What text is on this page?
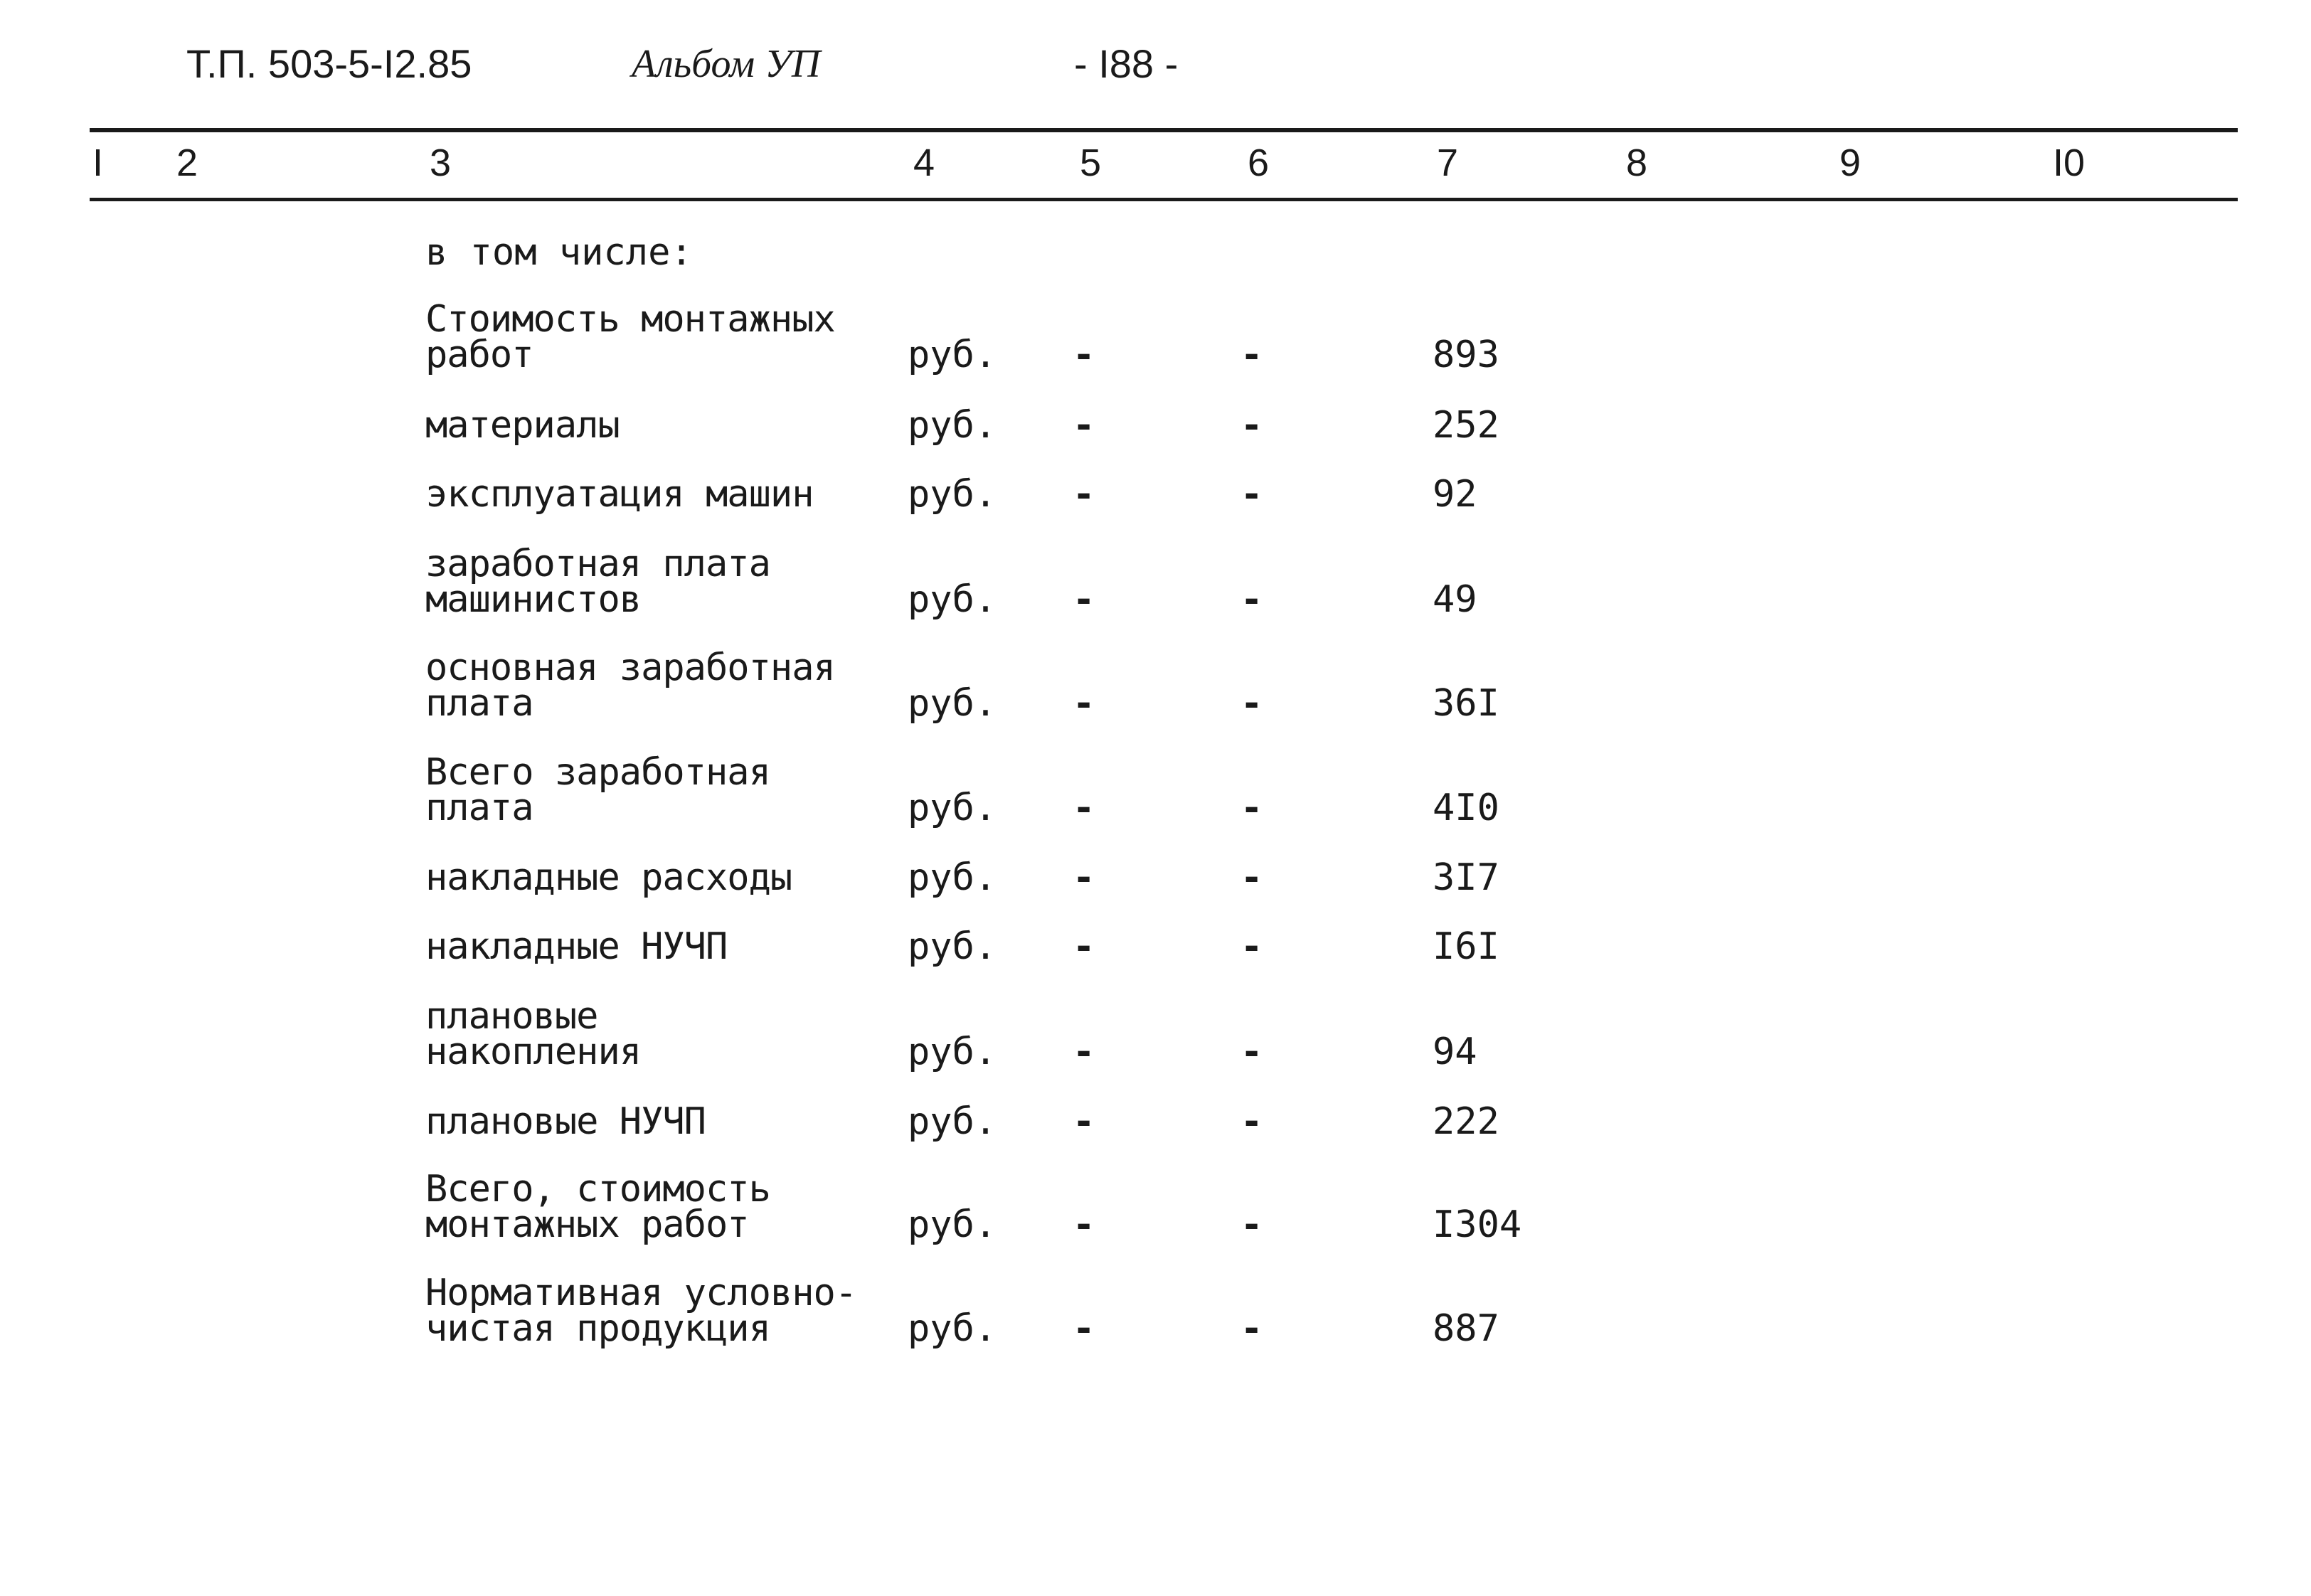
Т.П. 503-5-I2.85	Альбом УП	- I88 -
I 2	3	4	5	6	7	8	9	I0
в том числе:
Стоимость монтажных
работ	руб. -	-	893
материалы	руб. -	-	252
эксплуатация машин	руб. -	-	92
заработная плата
машинистов	руб. -	-	49
основная заработная
плата	руб. -	-	36I
Всего заработная
плата	руб. -	-	4I0
накладные расходы	руб. -	-	3I7
накладные НУЧП	руб. -	-	I6I
плановые
накопления	руб. -	-	94
плановые НУЧП	руб. -	-	222
Всего, стоимость
монтажных работ	руб. -	-	I304
Нормативная условно-
чистая продукция	руб. -	-	887
